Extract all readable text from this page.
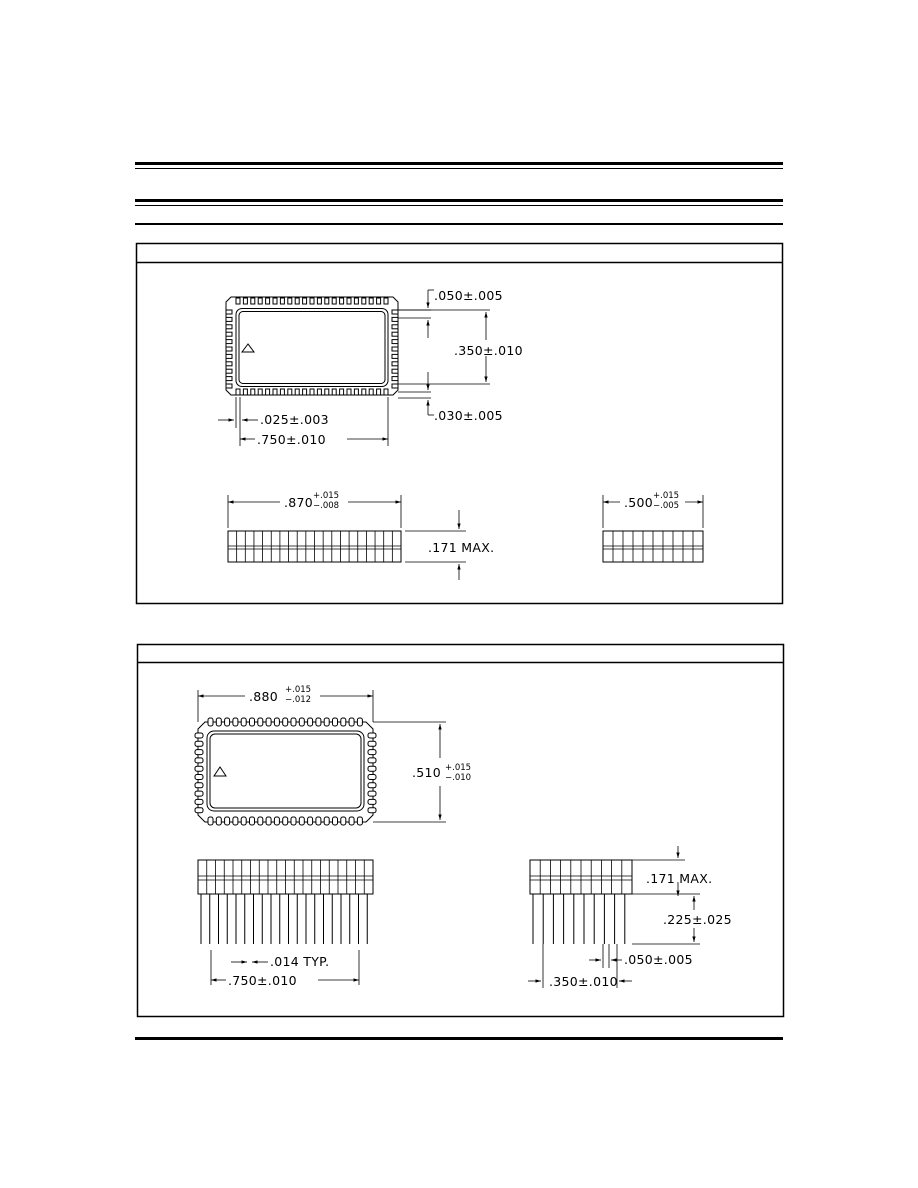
.050±.005
.350±.010
.030±.005
.025±.003
.750±.010
.870 +.015
−.008
.171 MAX.
.500 +.015
−.005
.880 +.015
−.012
.510 +.015
−.010
.014 TYP.
.750±.010
.171 MAX.
.225±.025
.050±.005
.350±.010
